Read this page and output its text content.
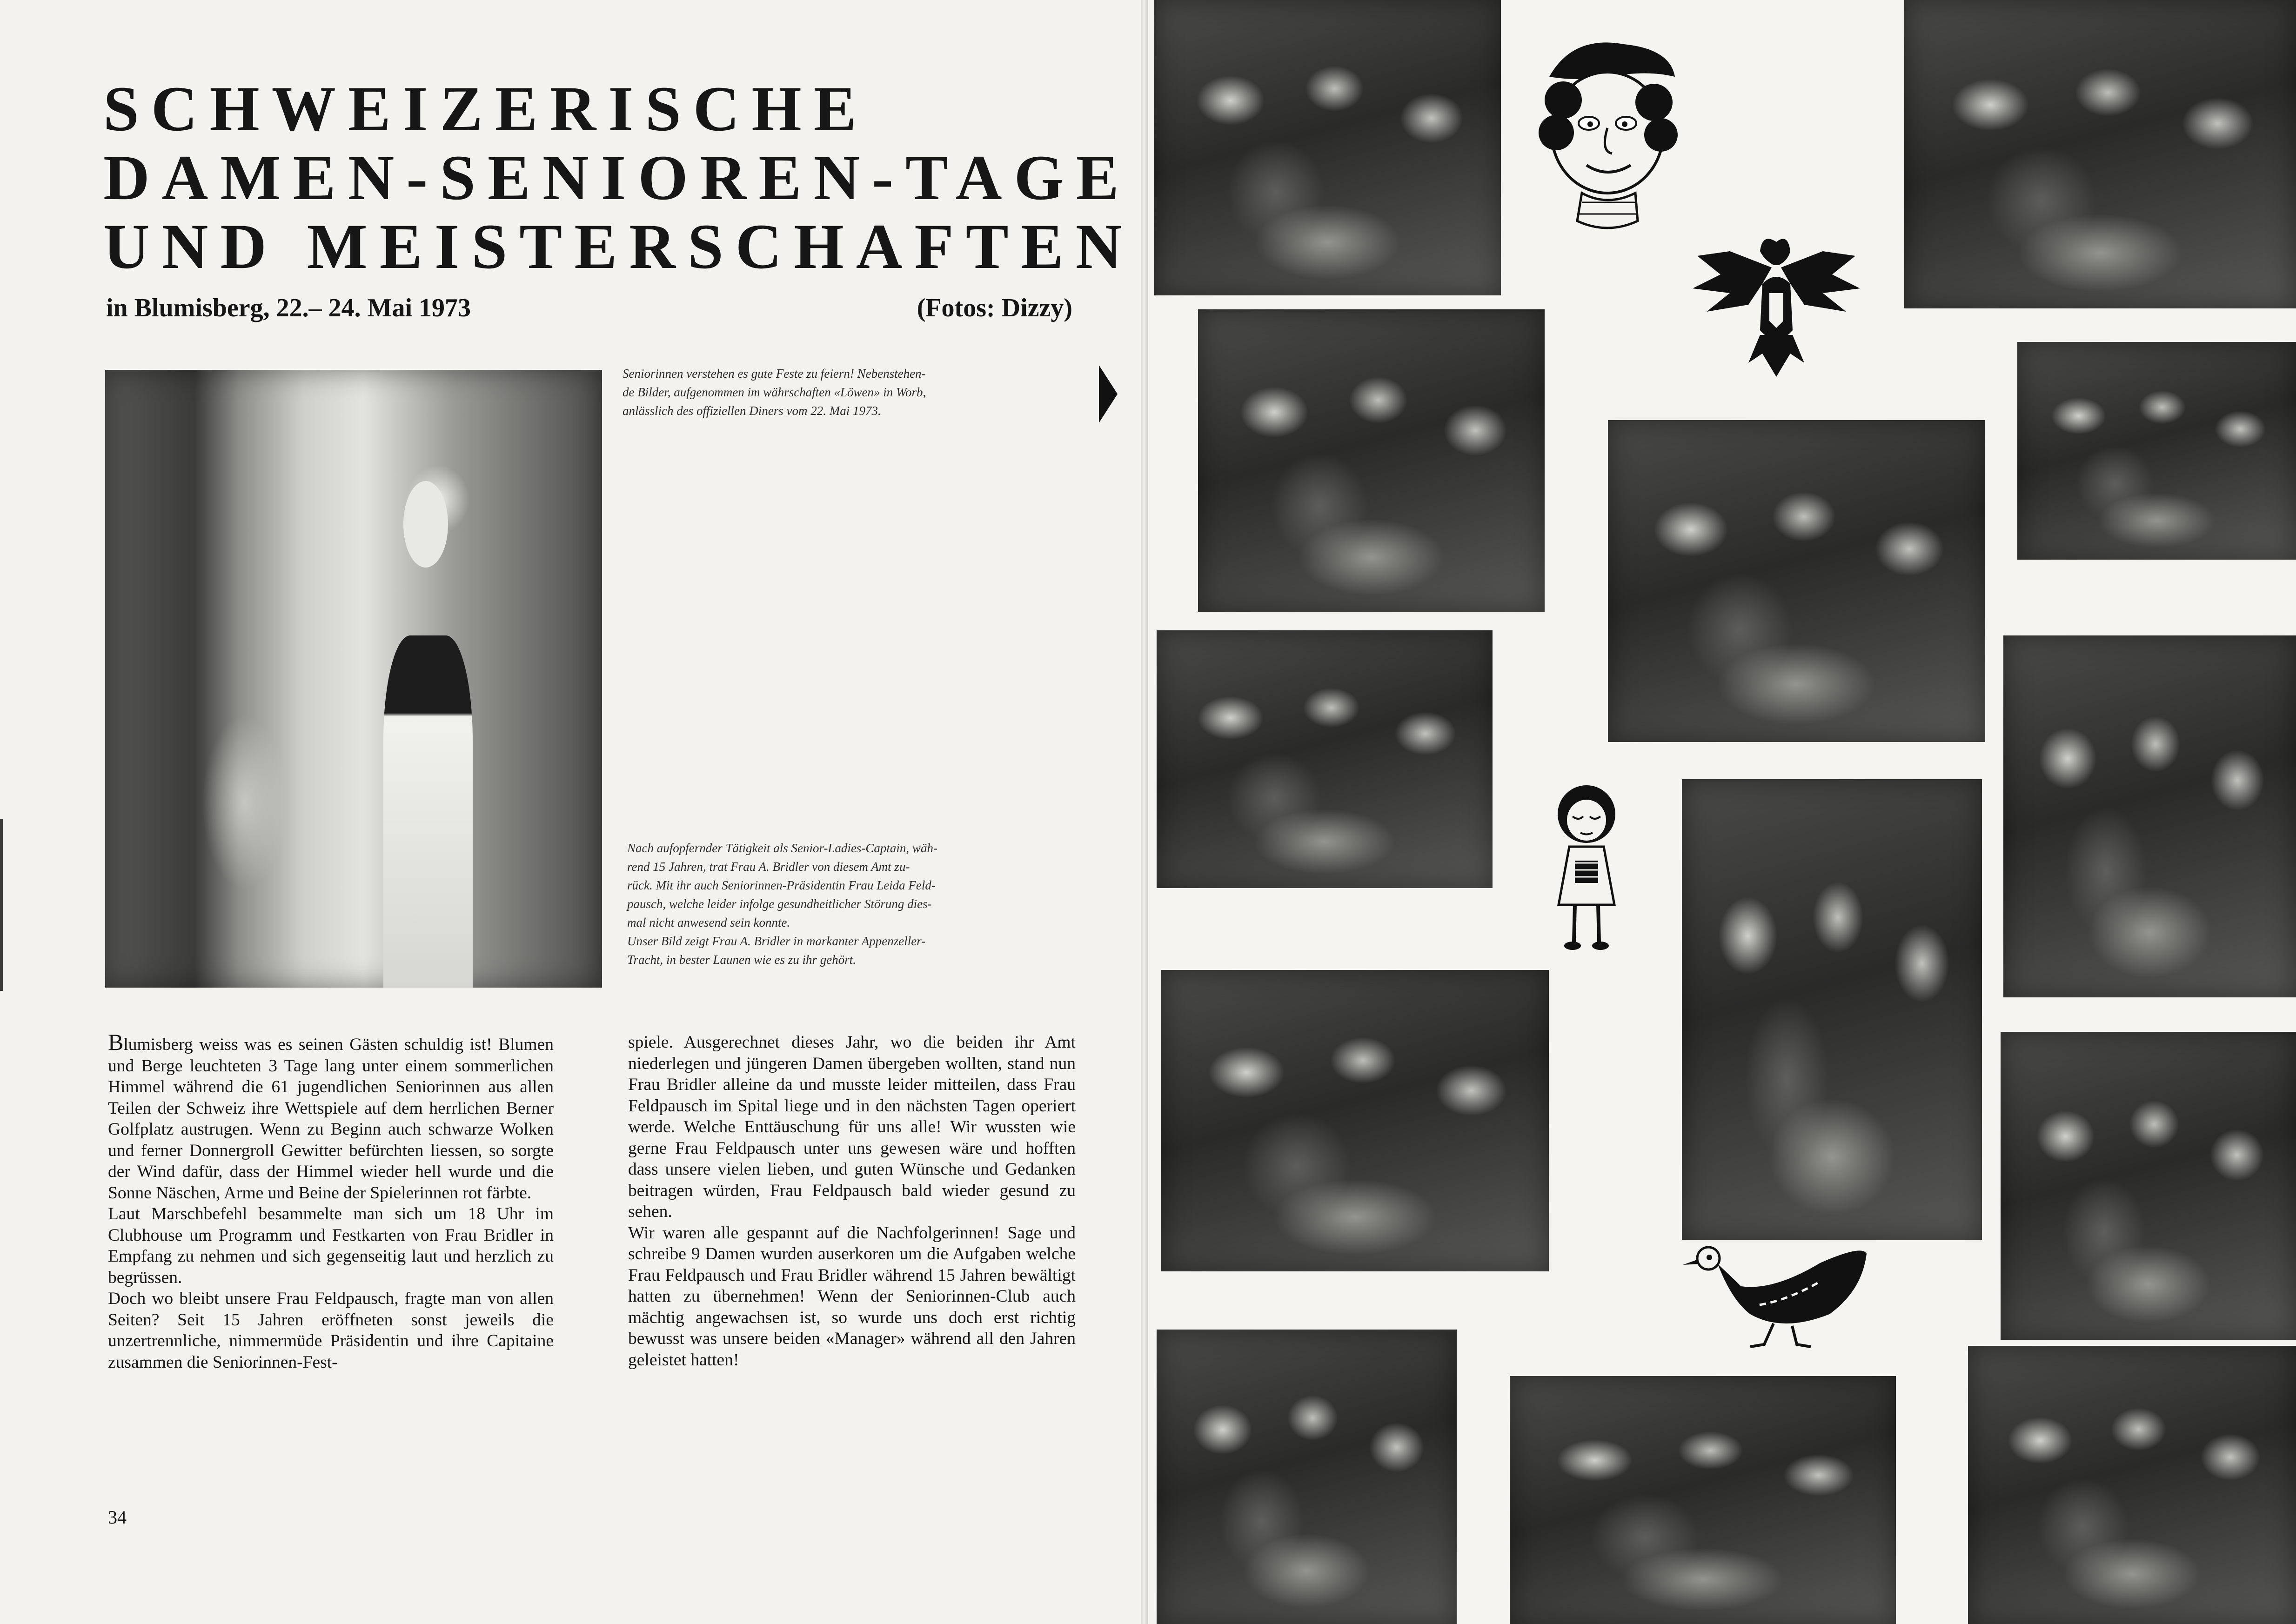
SCHWEIZERISCHE
DAMEN-SENIOREN-TAGE
UND MEISTERSCHAFTEN
in Blumisberg, 22.– 24. Mai 1973	(Fotos: Dizzy)
Seniorinnen verstehen es gute Feste zu feiern! Nebenstehen-
de Bilder, aufgenommen im währschaften «Löwen» in Worb,
anlässlich des offiziellen Diners vom 22. Mai 1973.
Nach aufopfernder Tätigkeit als Senior-Ladies-Captain, wäh-
rend 15 Jahren, trat Frau A. Bridler von diesem Amt zu-
rück. Mit ihr auch Seniorinnen-Präsidentin Frau Leida Feld-
pausch, welche leider infolge gesundheitlicher Störung dies-
mal nicht anwesend sein konnte.
Unser Bild zeigt Frau A. Bridler in markanter Appenzeller-
Tracht, in bester Launen wie es zu ihr gehört.

Blumisberg weiss was es seinen Gästen schuldig ist! Blumen und Berge leuchteten 3 Tage lang unter einem sommerlichen Himmel während die 61 jugendlichen Seniorinnen aus allen Teilen der Schweiz ihre Wettspiele auf dem herrlichen Berner Golfplatz austrugen. Wenn zu Beginn auch schwarze Wolken und ferner Donnergroll Gewitter befürchten liessen, so sorgte der Wind dafür, dass der Himmel wieder hell wurde und die Sonne Näschen, Arme und Beine der Spielerinnen rot färbte.

Laut Marschbefehl besammelte man sich um 18 Uhr im Clubhouse um Programm und Festkarten von Frau Bridler in Empfang zu nehmen und sich gegenseitig laut und herzlich zu begrüssen.

Doch wo bleibt unsere Frau Feldpausch, fragte man von allen Seiten? Seit 15 Jahren eröffneten sonst jeweils die unzertrennliche, nimmermüde Präsidentin und ihre Capitaine zusammen die Seniorinnen-Fest-

spiele. Ausgerechnet dieses Jahr, wo die beiden ihr Amt niederlegen und jüngeren Damen übergeben wollten, stand nun Frau Bridler alleine da und musste leider mitteilen, dass Frau Feldpausch im Spital liege und in den nächsten Tagen operiert werde. Welche Enttäuschung für uns alle! Wir wussten wie gerne Frau Feldpausch unter uns gewesen wäre und hofften dass unsere vielen lieben, und guten Wünsche und Gedanken beitragen würden, Frau Feldpausch bald wieder gesund zu sehen.

Wir waren alle gespannt auf die Nachfolgerinnen! Sage und schreibe 9 Damen wurden auserkoren um die Aufgaben welche Frau Feldpausch und Frau Bridler während 15 Jahren bewältigt hatten zu übernehmen! Wenn der Seniorinnen-Club auch mächtig angewachsen ist, so wurde uns doch erst richtig bewusst was unsere beiden «Manager» während all den Jahren geleistet hatten!

34
